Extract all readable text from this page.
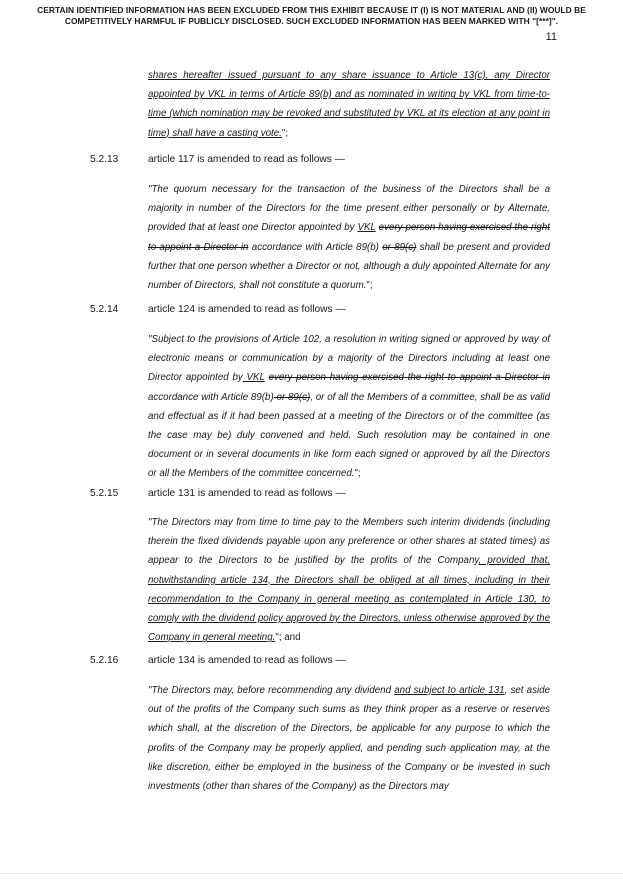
CERTAIN IDENTIFIED INFORMATION HAS BEEN EXCLUDED FROM THIS EXHIBIT BECAUSE IT (I) IS NOT MATERIAL AND (II) WOULD BE COMPETITIVELY HARMFUL IF PUBLICLY DISCLOSED. SUCH EXCLUDED INFORMATION HAS BEEN MARKED WITH "[***]".
11
shares hereafter issued pursuant to any share issuance to Article 13(c), any Director appointed by VKL in terms of Article 89(b) and as nominated in writing by VKL from time-to-time (which nomination may be revoked and substituted by VKL at its election at any point in time) shall have a casting vote.";
5.2.13	article 117 is amended to read as follows —
"The quorum necessary for the transaction of the business of the Directors shall be a majority in number of the Directors for the time present either personally or by Alternate, provided that at least one Director appointed by VKL every person having exercised the right to appoint a Director in accordance with Article 89(b) or 89(c) shall be present and provided further that one person whether a Director or not, although a duly appointed Alternate for any number of Directors, shall not constitute a quorum.";
5.2.14	article 124 is amended to read as follows —
"Subject to the provisions of Article 102, a resolution in writing signed or approved by way of electronic means or communication by a majority of the Directors including at least one Director appointed by VKL every person having exercised the right to appoint a Director in accordance with Article 89(b) or 89(c), or of all the Members of a committee, shall be as valid and effectual as if it had been passed at a meeting of the Directors or of the committee (as the case may be) duly convened and held. Such resolution may be contained in one document or in several documents in like form each signed or approved by all the Directors or all the Members of the committee concerned.";
5.2.15	article 131 is amended to read as follows —
"The Directors may from time to time pay to the Members such interim dividends (including therein the fixed dividends payable upon any preference or other shares at stated times) as appear to the Directors to be justified by the profits of the Company, provided that, notwithstanding article 134, the Directors shall be obliged at all times, including in their recommendation to the Company in general meeting as contemplated in Article 130, to comply with the dividend policy approved by the Directors, unless otherwise approved by the Company in general meeting."; and
5.2.16	article 134 is amended to read as follows —
"The Directors may, before recommending any dividend and subject to article 131, set aside out of the profits of the Company such sums as they think proper as a reserve or reserves which shall, at the discretion of the Directors, be applicable for any purpose to which the profits of the Company may be properly applied, and pending such application may, at the like discretion, either be employed in the business of the Company or be invested in such investments (other than shares of the Company) as the Directors may
